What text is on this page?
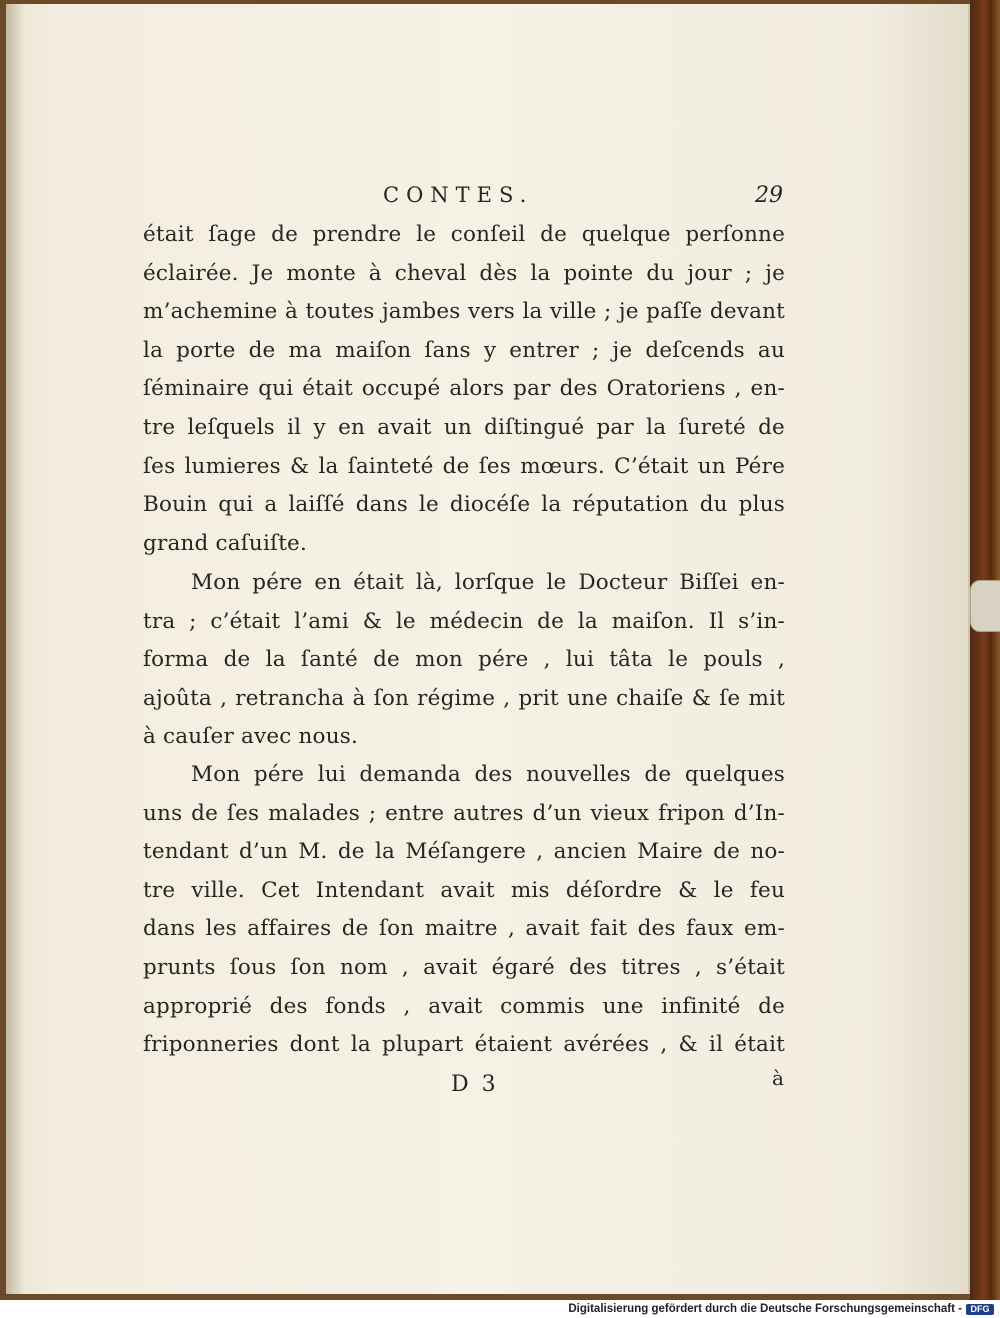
CONTES.	29
était ſage de prendre le conſeil de quelque perſonne
éclairée. Je monte à cheval dès la pointe du jour ; je
m’achemine à toutes jambes vers la ville ; je paſſe devant
la porte de ma maiſon ſans y entrer ; je deſcends au
ſéminaire qui était occupé alors par des Oratoriens , en-
tre leſquels il y en avait un diſtingué par la ſureté de
ſes lumieres & la ſainteté de ſes mœurs. C’était un Pére
Bouin qui a laiſſé dans le diocéſe la réputation du plus
grand caſuiſte.
Mon pére en était là, lorſque le Docteur Biſſei en-
tra ; c’était l’ami & le médecin de la maiſon. Il s’in-
forma de la ſanté de mon pére , lui tâta le pouls ,
ajoûta , retrancha à ſon régime , prit une chaiſe & ſe mit
à cauſer avec nous.
Mon pére lui demanda des nouvelles de quelques
uns de ſes malades ; entre autres d’un vieux fripon d’In-
tendant d’un M. de la Méſangere , ancien Maire de no-
tre ville. Cet Intendant avait mis déſordre & le feu
dans les affaires de ſon maitre , avait fait des faux em-
prunts ſous ſon nom , avait égaré des titres , s’était
approprié des fonds , avait commis une infinité de
friponneries dont la plupart étaient avérées , & il était
D 3	à
Digitalisierung gefördert durch die Deutsche Forschungsgemeinschaft - DFG
